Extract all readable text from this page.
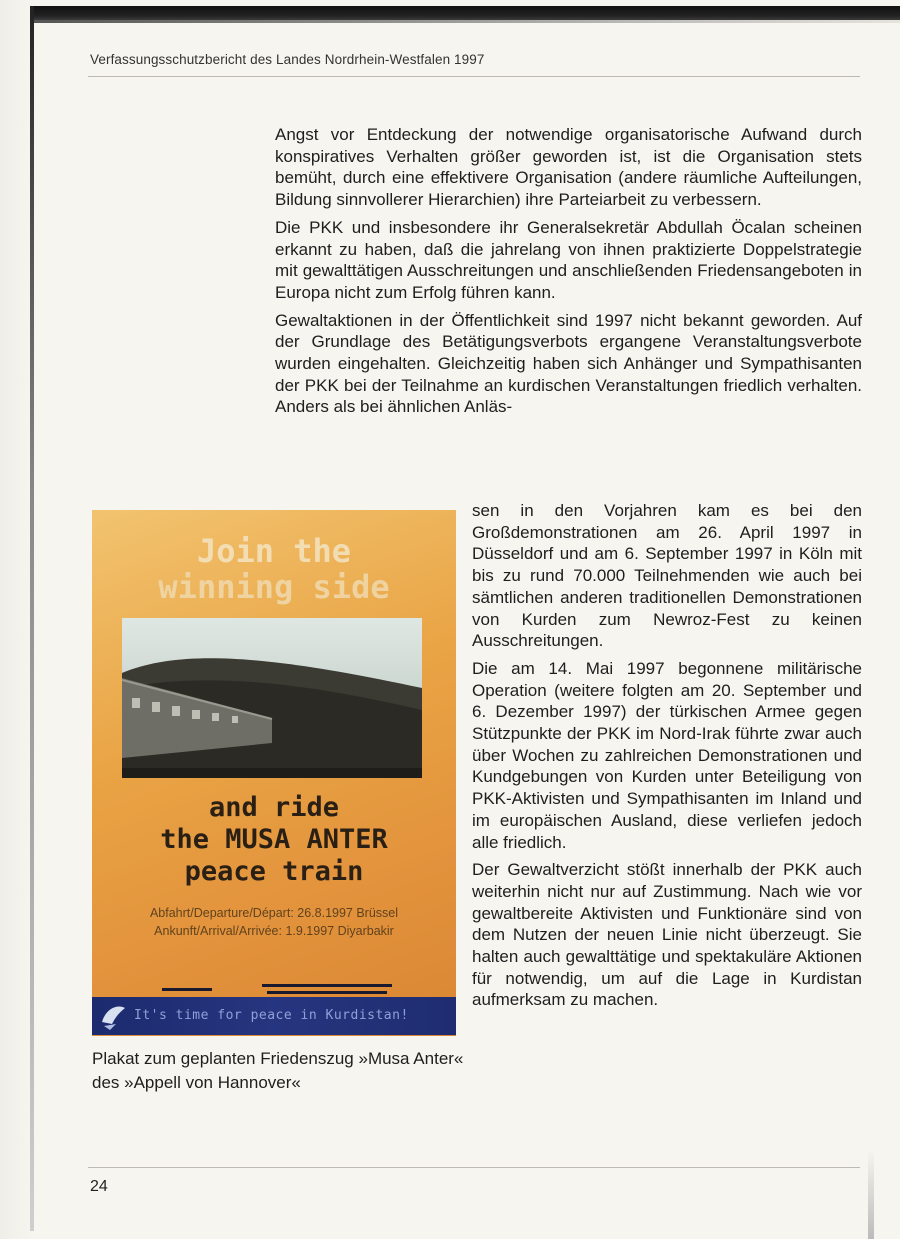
Verfassungsschutzbericht des Landes Nordrhein-Westfalen 1997

Angst vor Entdeckung der notwendige organisatorische Aufwand durch konspiratives Verhalten größer geworden ist, ist die Organisation stets bemüht, durch eine effektivere Organisation (andere räumliche Aufteilungen, Bildung sinnvollerer Hierarchien) ihre Parteiarbeit zu verbessern.

Die PKK und insbesondere ihr Generalsekretär Abdullah Öcalan scheinen erkannt zu haben, daß die jahrelang von ihnen praktizierte Doppelstrategie mit gewalttätigen Ausschreitungen und anschließenden Friedensangeboten in Europa nicht zum Erfolg führen kann.

Gewaltaktionen in der Öffentlichkeit sind 1997 nicht bekannt geworden. Auf der Grundlage des Betätigungsverbots ergangene Veranstaltungsverbote wurden eingehalten. Gleichzeitig haben sich Anhänger und Sympathisanten der PKK bei der Teilnahme an kurdischen Veranstaltungen friedlich verhalten. Anders als bei ähnlichen Anläs-

Join the
winning side
and ride
the MUSA ANTER
peace train
Abfahrt/Departure/Départ: 26.8.1997 Brüssel
Ankunft/Arrival/Arrivée: 1.9.1997 Diyarbakir
It's time for peace in Kurdistan!
Plakat zum geplanten Friedenszug »Musa Anter« des »Appell von Hannover«

sen in den Vorjahren kam es bei den Großdemonstrationen am 26. April 1997 in Düsseldorf und am 6. September 1997 in Köln mit bis zu rund 70.000 Teilnehmenden wie auch bei sämtlichen anderen traditionellen Demonstrationen von Kurden zum Newroz-Fest zu keinen Ausschreitungen.

Die am 14. Mai 1997 begonnene militärische Operation (weitere folgten am 20. September und 6. Dezember 1997) der türkischen Armee gegen Stützpunkte der PKK im Nord-Irak führte zwar auch über Wochen zu zahlreichen Demonstrationen und Kundgebungen von Kurden unter Beteiligung von PKK-Aktivisten und Sympathisanten im Inland und im europäischen Ausland, diese verliefen jedoch alle friedlich.

Der Gewaltverzicht stößt innerhalb der PKK auch weiterhin nicht nur auf Zustimmung. Nach wie vor gewaltbereite Aktivisten und Funktionäre sind von dem Nutzen der neuen Linie nicht überzeugt. Sie halten auch gewalttätige und spektakuläre Aktionen für notwendig, um auf die Lage in Kurdistan aufmerksam zu machen.

24
